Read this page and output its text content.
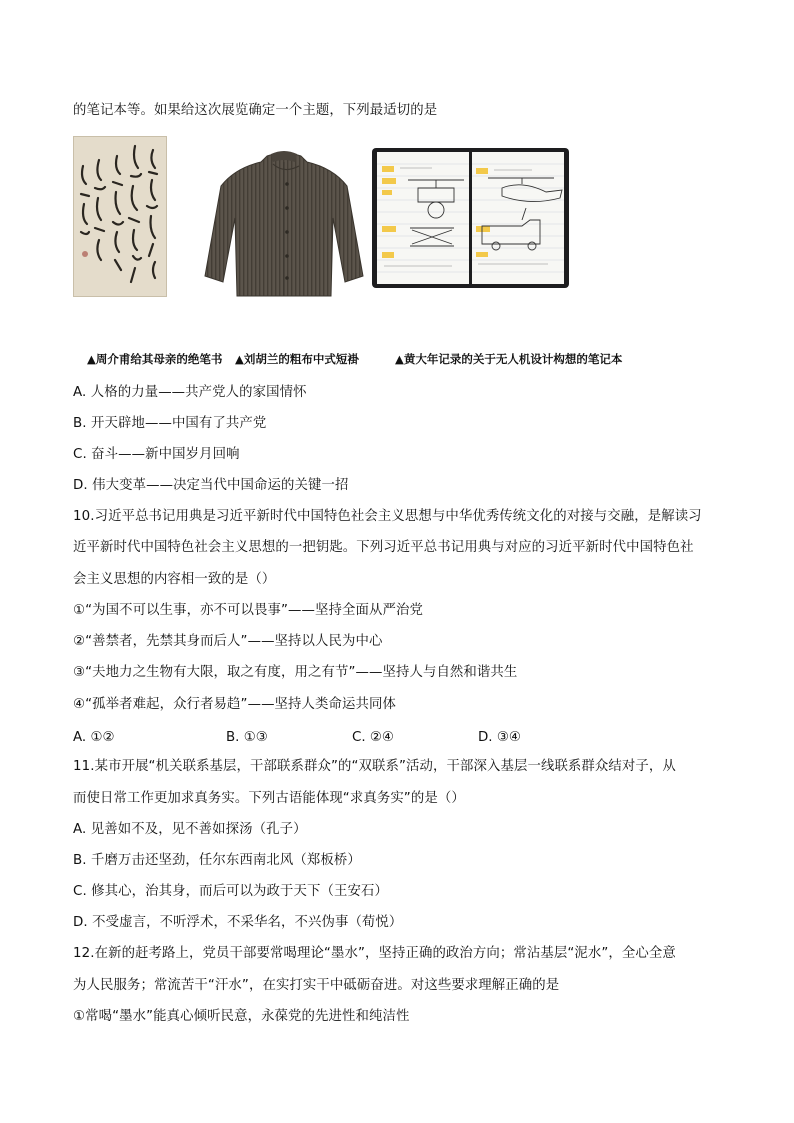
的笔记本等。如果给这次展览确定一个主题，下列最适切的是
▲周介甫给其母亲的绝笔书 ▲刘胡兰的粗布中式短褂	▲黄大年记录的关于无人机设计构想的笔记本
A. 人格的力量——共产党人的家国情怀
B. 开天辟地——中国有了共产党
C. 奋斗——新中国岁月回响
D. 伟大变革——决定当代中国命运的关键一招
10.习近平总书记用典是习近平新时代中国特色社会主义思想与中华优秀传统文化的对接与交融，是解读习
近平新时代中国特色社会主义思想的一把钥匙。下列习近平总书记用典与对应的习近平新时代中国特色社
会主义思想的内容相一致的是（）
①“为国不可以生事，亦不可以畏事”——坚持全面从严治党
②“善禁者，先禁其身而后人”——坚持以人民为中心
③“夫地力之生物有大限，取之有度，用之有节”——坚持人与自然和谐共生
④“孤举者难起，众行者易趋”——坚持人类命运共同体
A. ①②	B. ①③	C. ②④	D. ③④
11.某市开展“机关联系基层，干部联系群众”的“双联系”活动，干部深入基层一线联系群众结对子，从
而使日常工作更加求真务实。下列古语能体现“求真务实”的是（）
A. 见善如不及，见不善如探汤（孔子）
B. 千磨万击还坚劲，任尔东西南北风（郑板桥）
C. 修其心，治其身，而后可以为政于天下（王安石）
D. 不受虚言，不听浮术，不采华名，不兴伪事（荀悦）
12.在新的赶考路上，党员干部要常喝理论“墨水”，坚持正确的政治方向；常沾基层“泥水”，全心全意
为人民服务；常流苦干“汗水”，在实打实干中砥砺奋进。对这些要求理解正确的是
①常喝“墨水”能真心倾听民意，永葆党的先进性和纯洁性
